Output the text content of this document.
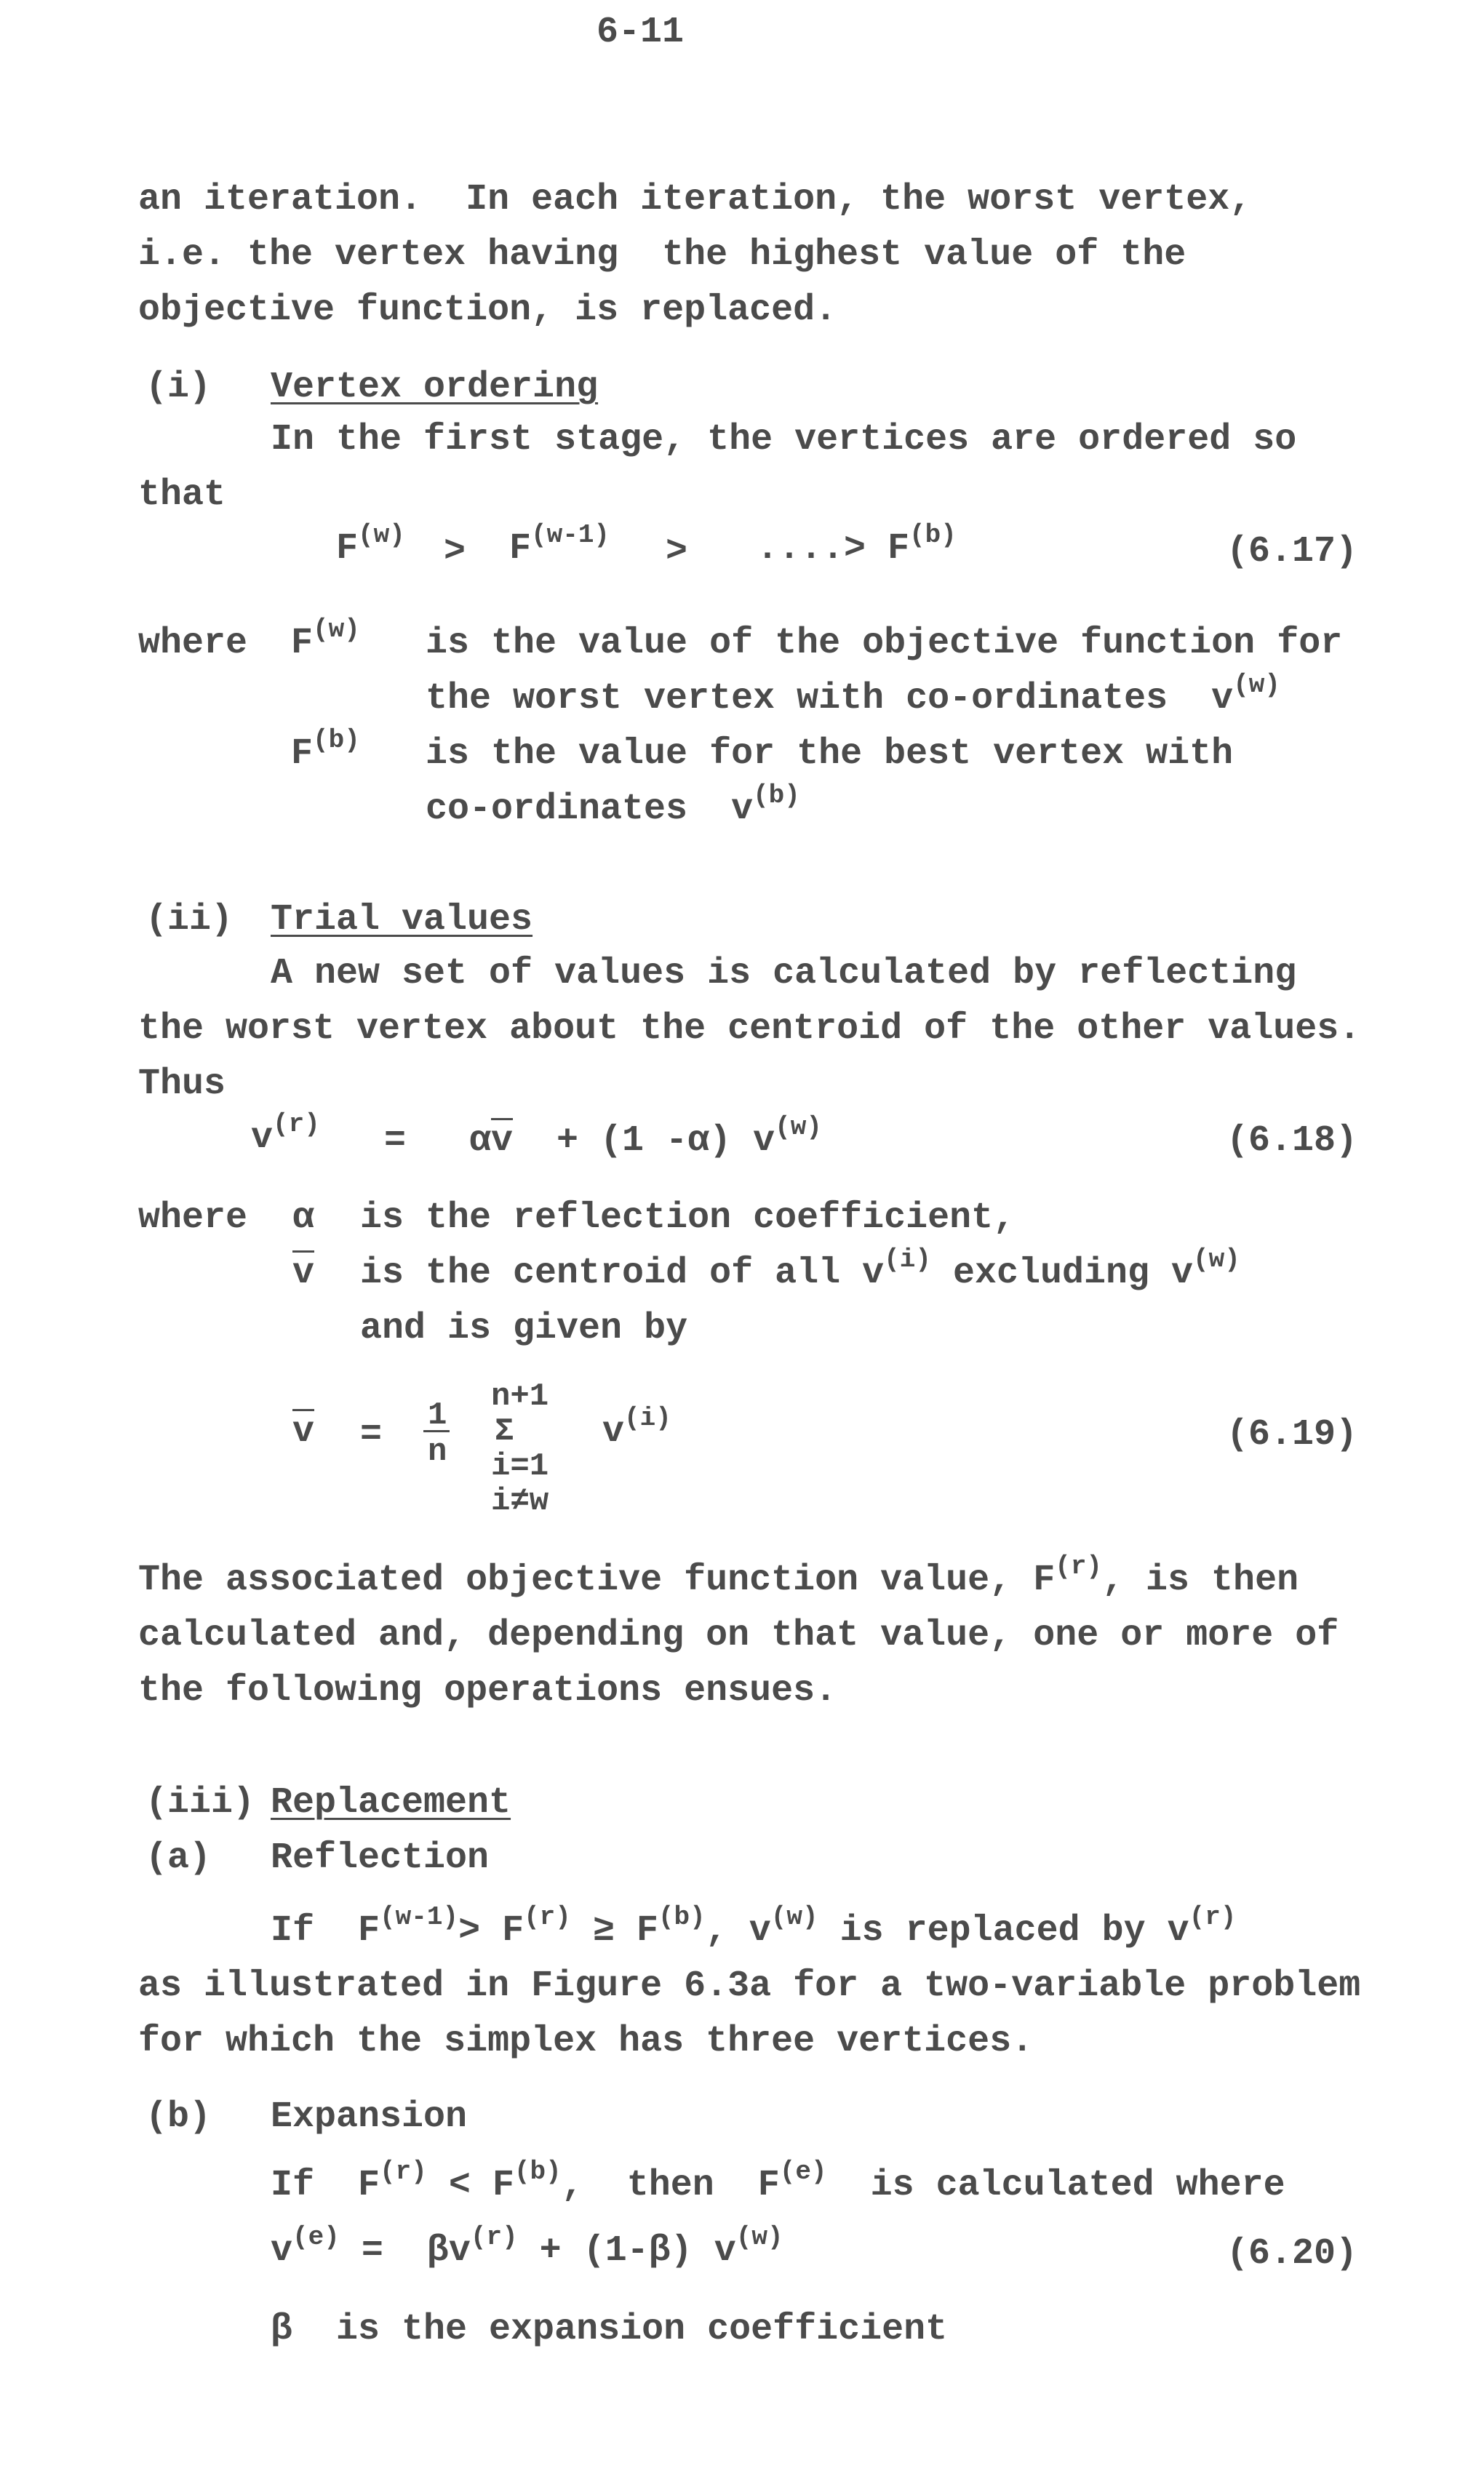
6-11
an iteration.  In each iteration, the worst vertex,
i.e. the vertex having  the highest value of the
objective function, is replaced.
(i) Vertex ordering
In the first stage, the vertices are ordered so
that
$F^{(w)} > F^{(w-1)}$ > ....> $F^{(b)}$	(6.17)
where $F^{(w)}$ is the value of the objective function for
the worst vertex with co-ordinates  $v^{(w)}$
$F^{(b)}$ is the value for the best vertex with
co-ordinates  $v^{(b)}$
(ii) Trial values
A new set of values is calculated by reflecting
the worst vertex about the centroid of the other values.
Thus
$v^{(r)} = \alpha\overline{v} + (1$ -α) $v^{(w)}$	(6.18)
where α is the reflection coefficient,
$\overline{v}$ is the centroid of all $v^{(i)}$ excluding $v^{(w)}$
and is given by
$\overline{v} = 1$
n
n+1
Σ
i=1
i≠w
$v^{(i)}$	(6.19)
The associated objective function value, $F^{(r)}$, is then
calculated and, depending on that value, one or more of
the following operations ensues.
(iii) Replacement
(a) Reflection
If  $F^{(w-1)}> F^{(r)} \ge F^{(b)}$, $v^{(w)}$ is replaced by $v^{(r)}$
as illustrated in Figure 6.3a for a two-variable problem
for which the simplex has three vertices.
(b) Expansion
If  $F^{(r)} < F^{(b)}$,  then  $F^{(e)}$  is calculated where
$v^{(e)} = \beta v^{(r)} + (1-\beta)$ $v^{(w)}$	(6.20)
β  is the expansion coefficient
